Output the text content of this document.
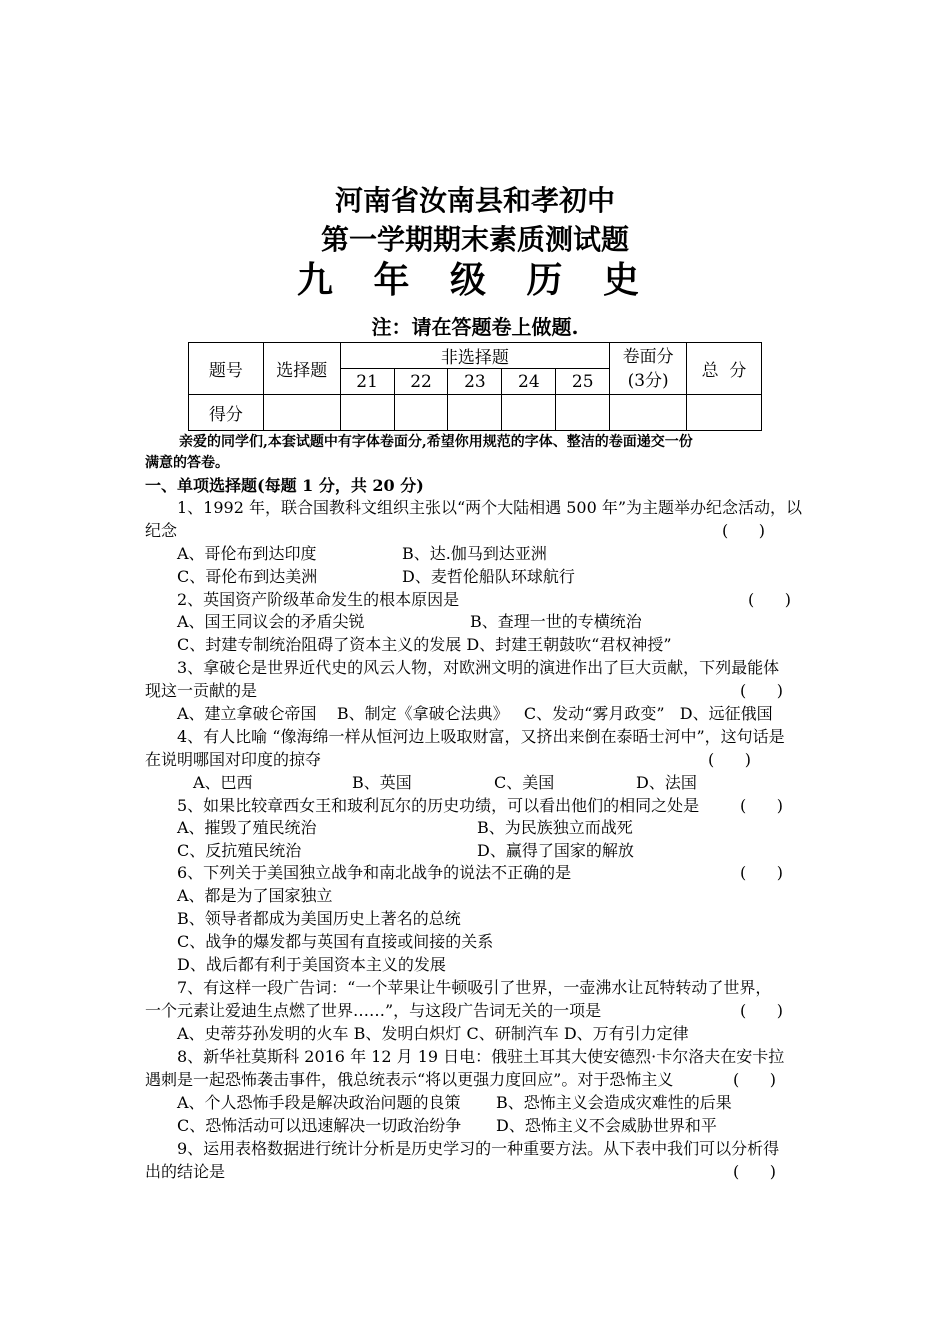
河南省汝南县和孝初中
第一学期期末素质测试题
九 年 级 历 史
注：请在答题卷上做题.
题号	选择题	非选择题					卷面分
(3分)	总  分
		21	22	23	24	25		
得分								
亲爱的同学们,本套试题中有字体卷面分,希望你用规范的字体、整洁的卷面递交一份
满意的答卷。
一、单项选择题(每题 1 分，共 20 分)
1、1992 年，联合国教科文组织主张以“两个大陆相遇 500 年”为主题举办纪念活动，以
纪念	(      )
A、哥伦布到达印度	B、达.伽马到达亚洲
C、哥伦布到达美洲	D、麦哲伦船队环球航行
2、英国资产阶级革命发生的根本原因是	(      )
A、国王同议会的矛盾尖锐	B、查理一世的专横统治
C、封建专制统治阻碍了资本主义的发展 D、封建王朝鼓吹“君权神授”
3、拿破仑是世界近代史的风云人物，对欧洲文明的演进作出了巨大贡献，下列最能体
现这一贡献的是	(      )
A、建立拿破仑帝国    B、制定《拿破仑法典》   C、发动“雾月政变”   D、远征俄国
4、有人比喻 “像海绵一样从恒河边上吸取财富，又挤出来倒在泰晤士河中”，这句话是
在说明哪国对印度的掠夺	(      )
A、巴西	B、英国	C、美国	D、法国
5、如果比较章西女王和玻利瓦尔的历史功绩，可以看出他们的相同之处是	(      )
A、摧毁了殖民统治	B、为民族独立而战死
C、反抗殖民统治	D、赢得了国家的解放
6、下列关于美国独立战争和南北战争的说法不正确的是	(      )
A、都是为了国家独立
B、领导者都成为美国历史上著名的总统
C、战争的爆发都与英国有直接或间接的关系
D、战后都有利于美国资本主义的发展
7、有这样一段广告词：“一个苹果让牛顿吸引了世界，一壶沸水让瓦特转动了世界，
一个元素让爱迪生点燃了世界……”，与这段广告词无关的一项是	(      )
A、史蒂芬孙发明的火车 B、发明白炽灯 C、研制汽车 D、万有引力定律
8、新华社莫斯科 2016 年 12 月 19 日电：俄驻土耳其大使安德烈·卡尔洛夫在安卡拉
遇刺是一起恐怖袭击事件，俄总统表示“将以更强力度回应”。对于恐怖主义	(      )
A、个人恐怖手段是解决政治问题的良策 B、恐怖主义会造成灾难性的后果
C、恐怖活动可以迅速解决一切政治纷争 D、恐怖主义不会威胁世界和平
9、运用表格数据进行统计分析是历史学习的一种重要方法。从下表中我们可以分析得
出的结论是	(      )
